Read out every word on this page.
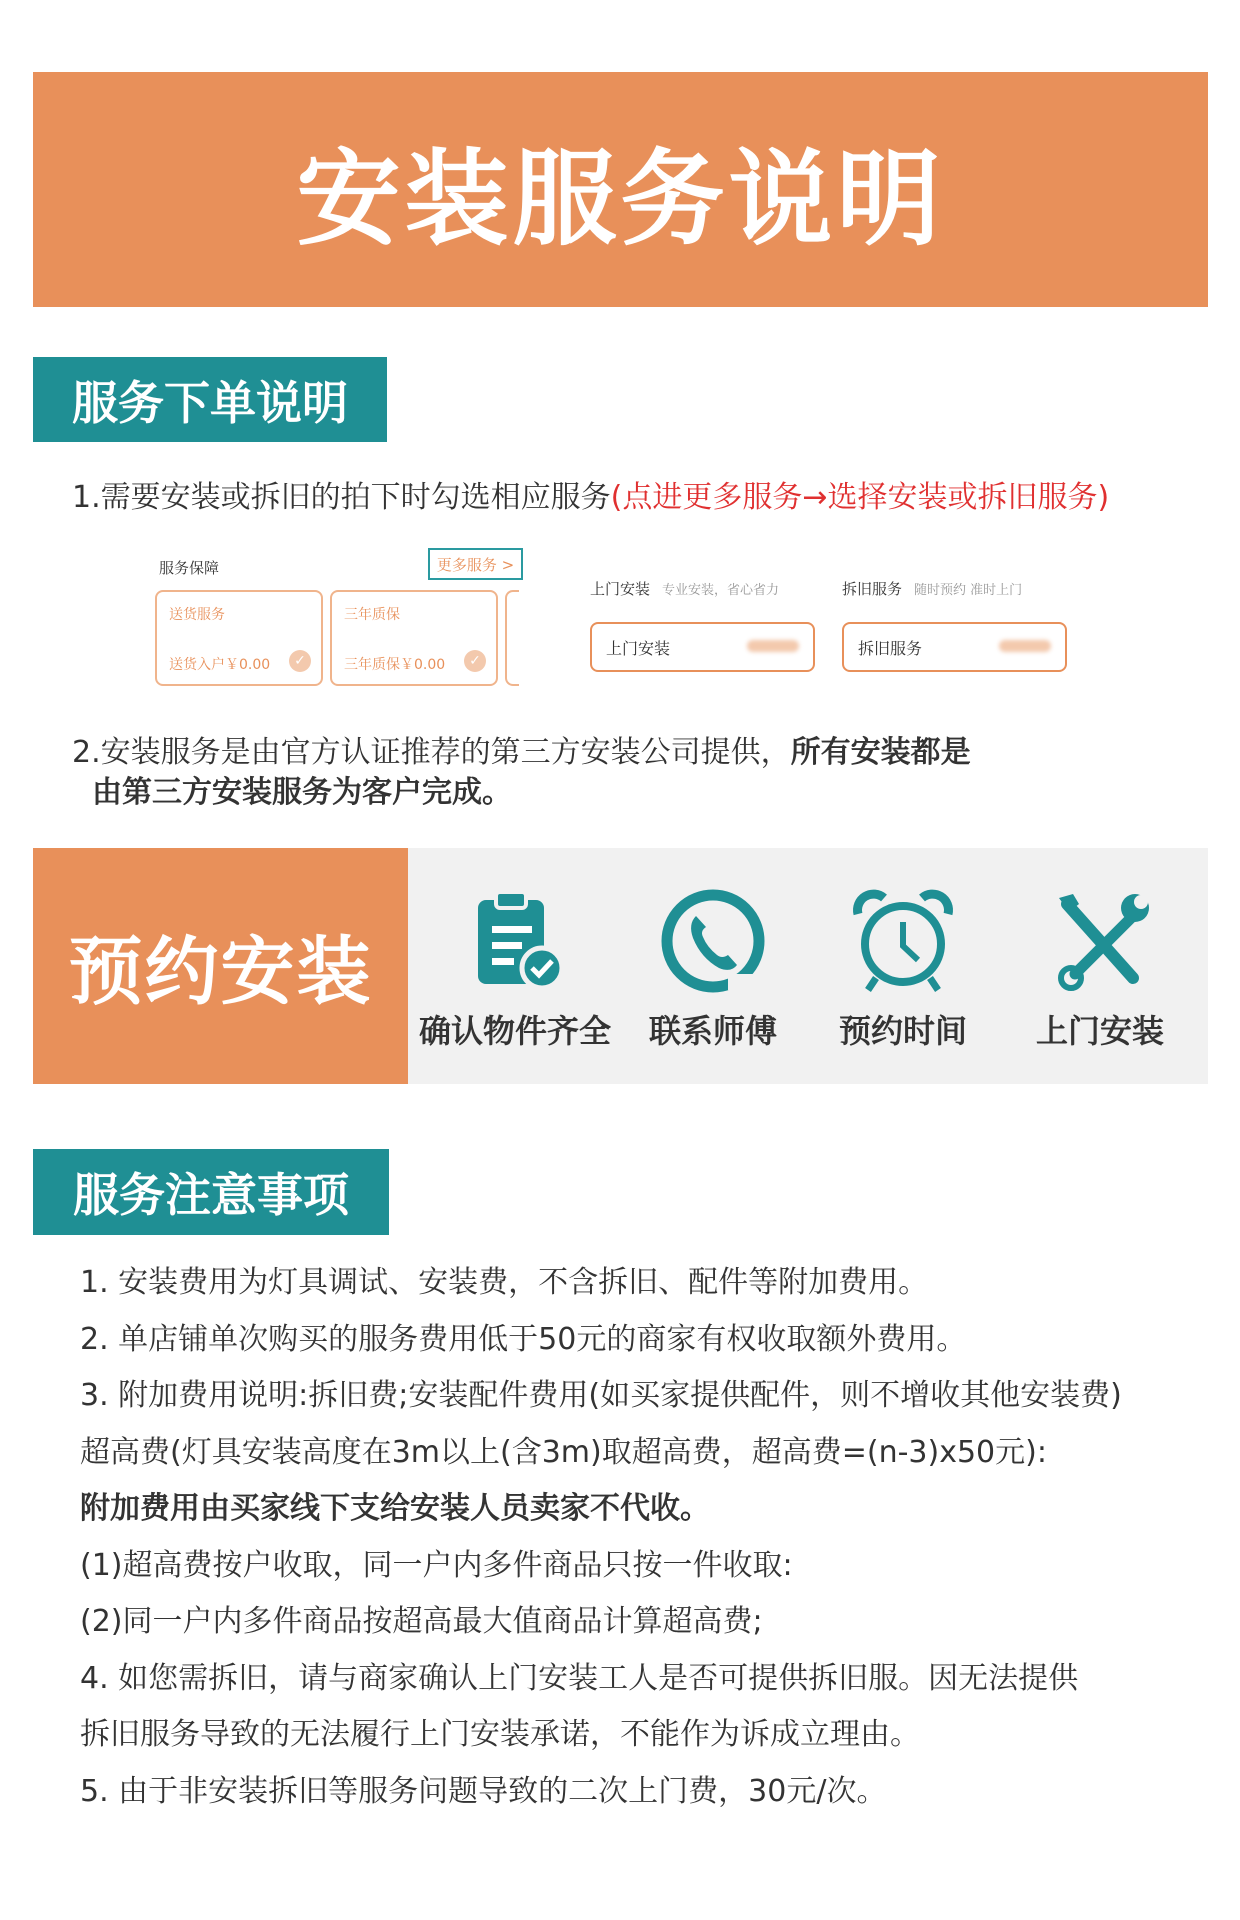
安装服务说明
服务下单说明
1.需要安装或拆旧的拍下时勾选相应服务(点进更多服务→选择安装或拆旧服务)
服务保障	更多服务 >
送货服务
送货入户￥0.00	✓
三年质保
三年质保￥0.00	✓
上门安装 专业安装，省心省力	拆旧服务 随时预约 准时上门
上门安装	拆旧服务
2.安装服务是由官方认证推荐的第三方安装公司提供，所有安装都是
由第三方安装服务为客户完成。
预约安装
确认物件齐全	联系师傅	预约时间	上门安装
服务注意事项
1. 安装费用为灯具调试、安装费，不含拆旧、配件等附加费用。
2. 单店铺单次购买的服务费用低于50元的商家有权收取额外费用。
3. 附加费用说明:拆旧费;安装配件费用(如买家提供配件，则不增收其他安装费)
超高费(灯具安装高度在3m以上(含3m)取超高费，超高费=(n-3)x50元):
附加费用由买家线下支给安装人员卖家不代收。
(1)超高费按户收取，同一户内多件商品只按一件收取:
(2)同一户内多件商品按超高最大值商品计算超高费;
4. 如您需拆旧，请与商家确认上门安装工人是否可提供拆旧服。因无法提供
拆旧服务导致的无法履行上门安装承诺，不能作为诉成立理由。
5. 由于非安装拆旧等服务问题导致的二次上门费，30元/次。
